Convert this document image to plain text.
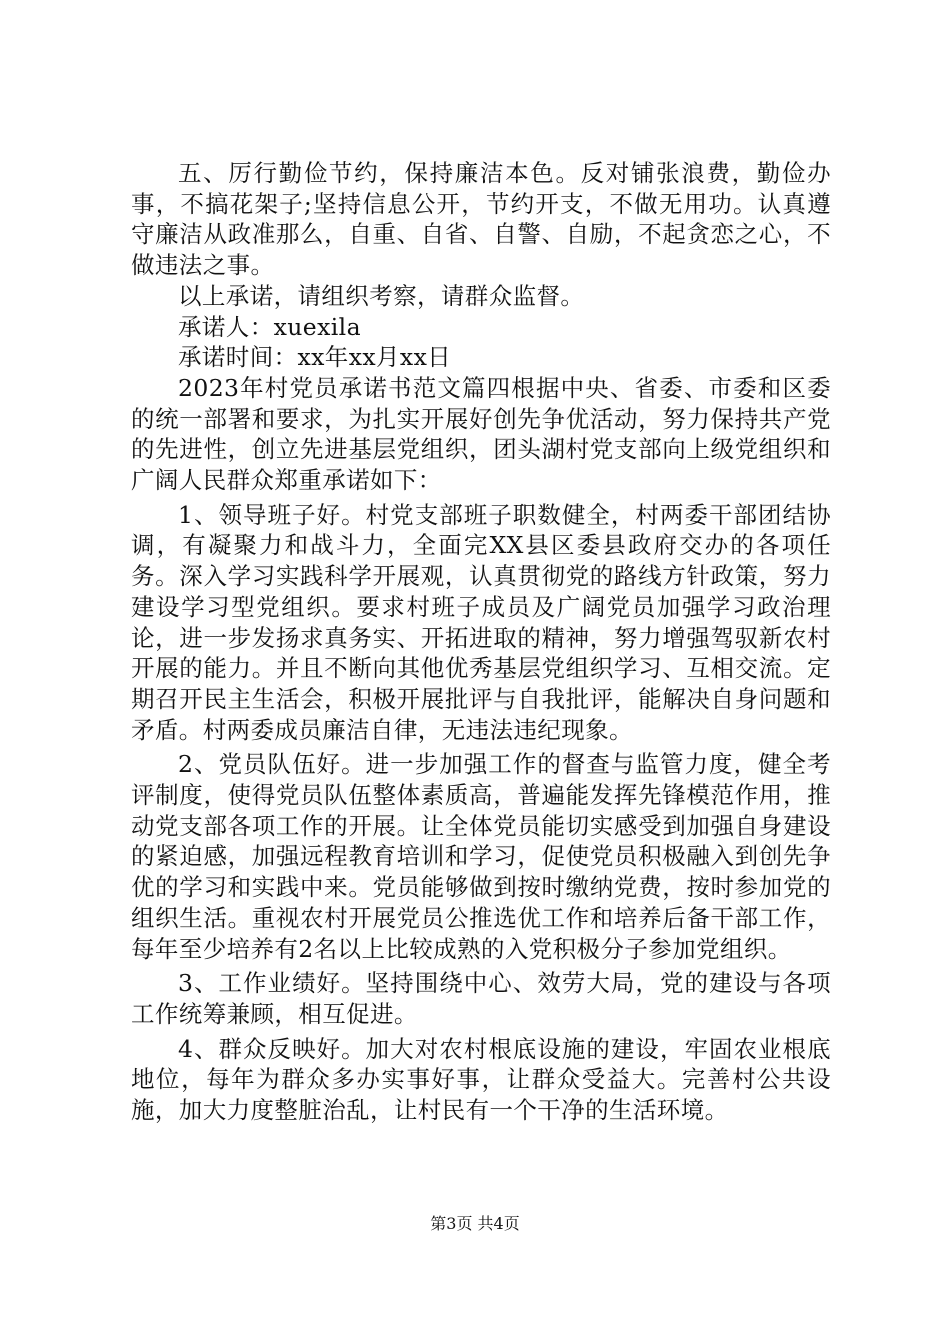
五、厉行勤俭节约，保持廉洁本色。反对铺张浪费，勤俭办事，不搞花架子;坚持信息公开，节约开支，不做无用功。认真遵守廉洁从政准那么，自重、自省、自警、自励，不起贪恋之心，不做违法之事。

以上承诺，请组织考察，请群众监督。

承诺人：xuexila

承诺时间：xx年xx月xx日

2023年村党员承诺书范文篇四根据中央、省委、市委和区委的统一部署和要求，为扎实开展好创先争优活动，努力保持共产党的先进性，创立先进基层党组织，团头湖村党支部向上级党组织和广阔人民群众郑重承诺如下：

1、领导班子好。村党支部班子职数健全，村两委干部团结协调，有凝聚力和战斗力，全面完XX县区委县政府交办的各项任务。深入学习实践科学开展观，认真贯彻党的路线方针政策，努力建设学习型党组织。要求村班子成员及广阔党员加强学习政治理论，进一步发扬求真务实、开拓进取的精神，努力增强驾驭新农村开展的能力。并且不断向其他优秀基层党组织学习、互相交流。定期召开民主生活会，积极开展批评与自我批评，能解决自身问题和矛盾。村两委成员廉洁自律，无违法违纪现象。

2、党员队伍好。进一步加强工作的督查与监管力度，健全考评制度，使得党员队伍整体素质高，普遍能发挥先锋模范作用，推动党支部各项工作的开展。让全体党员能切实感受到加强自身建设的紧迫感，加强远程教育培训和学习，促使党员积极融入到创先争优的学习和实践中来。党员能够做到按时缴纳党费，按时参加党的组织生活。重视农村开展党员公推选优工作和培养后备干部工作，每年至少培养有2名以上比较成熟的入党积极分子参加党组织。

3、工作业绩好。坚持围绕中心、效劳大局，党的建设与各项工作统筹兼顾，相互促进。

4、群众反映好。加大对农村根底设施的建设，牢固农业根底地位，每年为群众多办实事好事，让群众受益大。完善村公共设施，加大力度整脏治乱，让村民有一个干净的生活环境。

第3页 共4页
